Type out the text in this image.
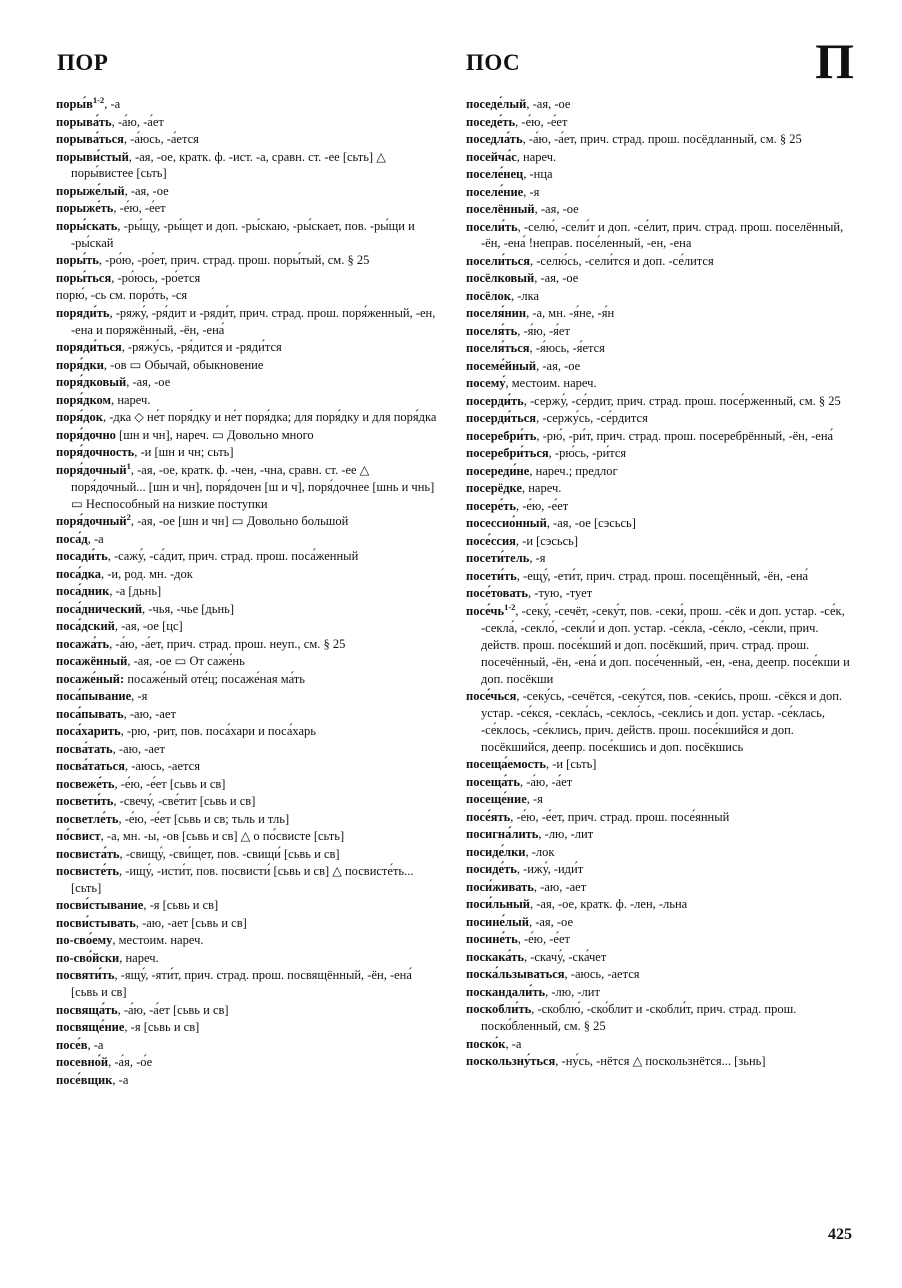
ПОР	ПОС	П
$поры́в^{1-2}$, -а
порыва́ть, -а́ю, -а́ет
порыва́ться, -а́юсь, -а́ется
порыви́стый, -ая, -ое, кратк. ф. -ист. -а, сравн. ст. -ее [сьть] △ поры́вистее [сьть]
порыже́лый, -ая, -ое
порыже́ть, -е́ю, -е́ет
поры́скать, -ры́щу, -ры́щет и доп. -ры́скаю, -ры́скает, пов. -ры́щи и -ры́скай
поры́ть, -ро́ю, -ро́ет, прич. страд. прош. поры́тый, см. § 25
поры́ться, -ро́юсь, -ро́ется
порю́, -сь см. поро́ть, -ся
поряди́ть, -ряжу́, -ря́дит и -ряди́т, прич. страд. прош. поря́женный, -ен, -ена и поряжённый, -ён, -ена́
поряди́ться, -ряжу́сь, -ря́дится и -ряди́тся
поря́дки, -ов ▭ Обычай, обыкновение
поря́дковый, -ая, -ое
поря́дком, нареч.
поря́док, -дка ◇ не́т поря́дку и не́т поря́дка; для поря́дку и для поря́дка
поря́дочно [шн и чн], нареч. ▭ Довольно много
поря́дочность, -и [шн и чн; сьть]
поря́дочный$^1$, -ая, -ое, кратк. ф. -чен, -чна, сравн. ст. -ее △ поря́дочный... [шн и чн], поря́дочен [ш и ч], поря́дочнее [шнь и чнь] ▭ Неспособный на низкие поступки
поря́дочный$^2$, -ая, -ое [шн и чн] ▭ Довольно большой
поса́д, -а
посади́ть, -сажу́, -са́дит, прич. страд. прош. поса́женный
поса́дка, -и, род. мн. -док
поса́дник, -а [дьнь]
поса́днический, -чья, -чье [дьнь]
поса́дский, -ая, -ое [цс]
посажа́ть, -а́ю, -а́ет, прич. страд. прош. неуп., см. § 25
посажённый, -ая, -ое ▭ От саже́нь
посаже́ный: посаже́ный оте́ц; посаже́ная ма́ть
поса́пывание, -я
поса́пывать, -аю, -ает
поса́харить, -рю, -рит, пов. поса́хари и поса́харь
посва́тать, -аю, -ает
посва́таться, -аюсь, -ается
посвеже́ть, -е́ю, -е́ет [сьвь и св]
посвети́ть, -свечу́, -све́тит [сьвь и св]
посветле́ть, -е́ю, -е́ет [сьвь и св; тьль и тль]
по́свист, -а, мн. -ы, -ов [сьвь и св] △ о по́свисте [сьть]
посвиста́ть, -свищу́, -сви́щет, пов. -свищи́ [сьвь и св]
посвисте́ть, -ищу́, -исти́т, пов. посвисти́ [сьвь и св] △ посвисте́ть... [сьть]
посви́стывание, -я [сьвь и св]
посви́стывать, -аю, -ает [сьвь и св]
по-сво́ему, местоим. нареч.
по-сво́йски, нареч.
посвяти́ть, -ящу́, -яти́т, прич. страд. прош. посвящённый, -ён, -ена́ [сьвь и св]
посвяща́ть, -а́ю, -а́ет [сьвь и св]
посвяще́ние, -я [сьвь и св]
посе́в, -а
посевно́й, -а́я, -о́е
посе́вщик, -а
поседе́лый, -ая, -ое
поседе́ть, -е́ю, -е́ет
поседла́ть, -а́ю, -а́ет, прич. страд. прош. посёдланный, см. § 25
посейча́с, нареч.
поселе́нец, -нца
поселе́ние, -я
поселённый, -ая, -ое
посели́ть, -селю́, -сели́т и доп. -се́лит, прич. страд. прош. поселённый, -ён, -ена́ !неправ. посе́ленный, -ен, -ена
посели́ться, -селю́сь, -сели́тся и доп. -се́лится
посёлковый, -ая, -ое
посёлок, -лка
поселя́нин, -а, мн. -я́не, -я́н
поселя́ть, -я́ю, -я́ет
поселя́ться, -я́юсь, -я́ется
посеме́йный, -ая, -ое
посему́, местоим. нареч.
посерди́ть, -сержу́, -се́рдит, прич. страд. прош. посе́рженный, см. § 25
посерди́ться, -сержу́сь, -се́рдится
посеребри́ть, -рю́, -ри́т, прич. страд. прош. посеребрённый, -ён, -ена́
посеребри́ться, -рю́сь, -ри́тся
посереди́не, нареч.; предлог
посерёдке, нареч.
посере́ть, -е́ю, -е́ет
посессио́нный, -ая, -ое [сэсьсь]
посе́ссия, -и [сэсьсь]
посети́тель, -я
посети́ть, -ещу́, -ети́т, прич. страд. прош. посещённый, -ён, -ена́
посе́товать, -тую, -тует
$посе́чь^{1-2}$, -секу́, -сечёт, -секу́т, пов. -секи́, прош. -сёк и доп. устар. -се́к, -секла́, -секло́, -секли́ и доп. устар. -се́кла, -се́кло, -се́кли, прич. действ. прош. посе́кший и доп. посёкший, прич. страд. прош. посечённый, -ён, -ена́ и доп. посе́ченный, -ен, -ена, деепр. посе́кши и доп. посёкши
посе́чься, -секу́сь, -сечётся, -секу́тся, пов. -секи́сь, прош. -сёкся и доп. устар. -се́кся, -секла́сь, -секло́сь, -секли́сь и доп. устар. -се́клась, -се́клось, -се́клись, прич. действ. прош. посе́кшийся и доп. посёкшийся, деепр. посе́кшись и доп. посёкшись
посеща́емость, -и [сьть]
посеща́ть, -а́ю, -а́ет
посеще́ние, -я
посе́ять, -е́ю, -е́ет, прич. страд. прош. посе́янный
посигна́лить, -лю, -лит
посиде́лки, -лок
посиде́ть, -ижу́, -иди́т
поси́живать, -аю, -ает
поси́льный, -ая, -ое, кратк. ф. -лен, -льна
посине́лый, -ая, -ое
посине́ть, -е́ю, -е́ет
поскака́ть, -скачу́, -ска́чет
поска́льзываться, -аюсь, -ается
поскандали́ть, -лю, -лит
поскобли́ть, -скоблю́, -ско́блит и -скобли́т, прич. страд. прош. поско́бленный, см. § 25
поско́к, -а
поскользну́ться, -ну́сь, -нётся △ поскользнётся... [зьнь]
425
